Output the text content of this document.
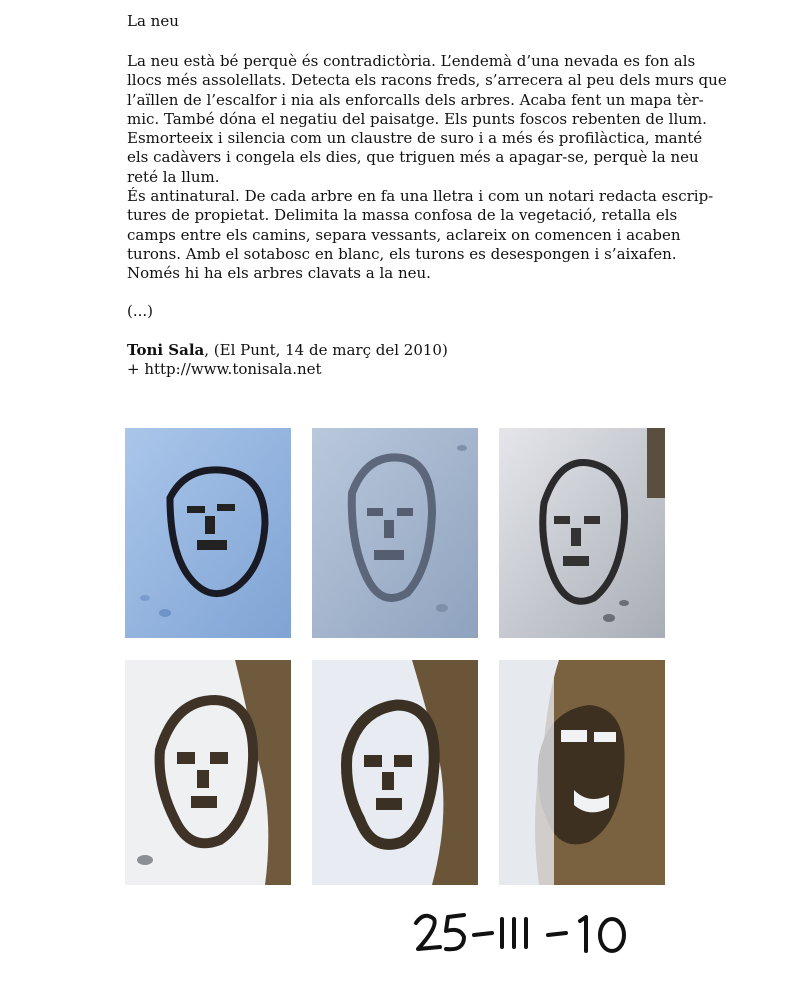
La neu
La neu està bé perquè és contradictòria. L’endemà d’una nevada es fon als
llocs més assolellats. Detecta els racons freds, s’arrecera al peu dels murs que
l’aïllen de l’escalfor i nia als enforcalls dels arbres. Acaba fent un mapa tèr-
mic. També dóna el negatiu del paisatge. Els punts foscos rebenten de llum.
Esmorteeix i silencia com un claustre de suro i a més és profilàctica, manté
els cadàvers i congela els dies, que triguen més a apagar-se, perquè la neu
reté la llum.
És antinatural. De cada arbre en fa una lletra i com un notari redacta escrip-
tures de propietat. Delimita la massa confosa de la vegetació, retalla els
camps entre els camins, separa vessants, aclareix on comencen i acaben
turons. Amb el sotabosc en blanc, els turons es desespongen i s’aixafen.
Només hi ha els arbres clavats a la neu.
(...)
Toni Sala, (El Punt, 14 de març del 2010)
+ http://www.tonisala.net
